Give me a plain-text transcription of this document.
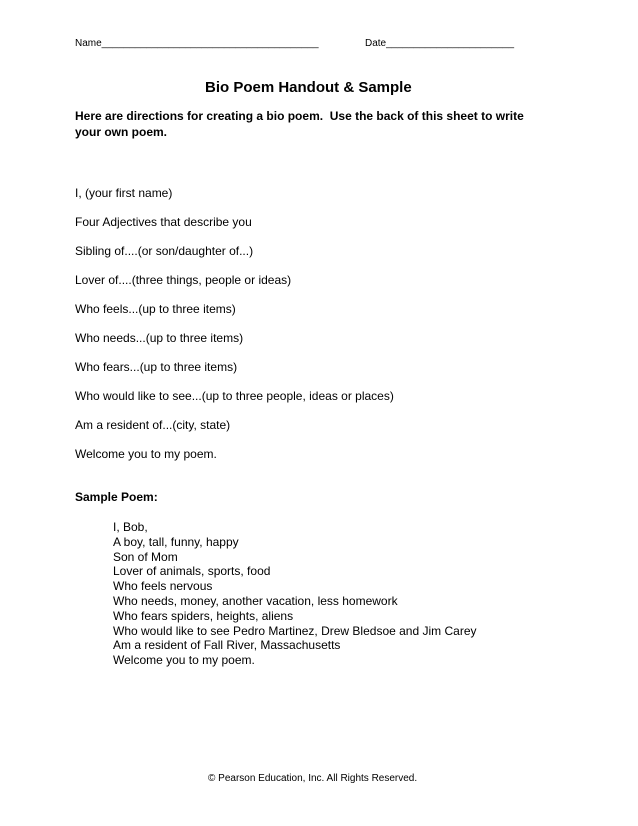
Name_______________________________________	Date_______________________
Bio Poem Handout & Sample
Here are directions for creating a bio poem.  Use the back of this sheet to write
your own poem.
I, (your first name)
Four Adjectives that describe you
Sibling of....(or son/daughter of...)
Lover of....(three things, people or ideas)
Who feels...(up to three items)
Who needs...(up to three items)
Who fears...(up to three items)
Who would like to see...(up to three people, ideas or places)
Am a resident of...(city, state)
Welcome you to my poem.
Sample Poem:
I, Bob,
A boy, tall, funny, happy
Son of Mom
Lover of animals, sports, food
Who feels nervous
Who needs, money, another vacation, less homework
Who fears spiders, heights, aliens
Who would like to see Pedro Martinez, Drew Bledsoe and Jim Carey
Am a resident of Fall River, Massachusetts
Welcome you to my poem.
© Pearson Education, Inc. All Rights Reserved.
